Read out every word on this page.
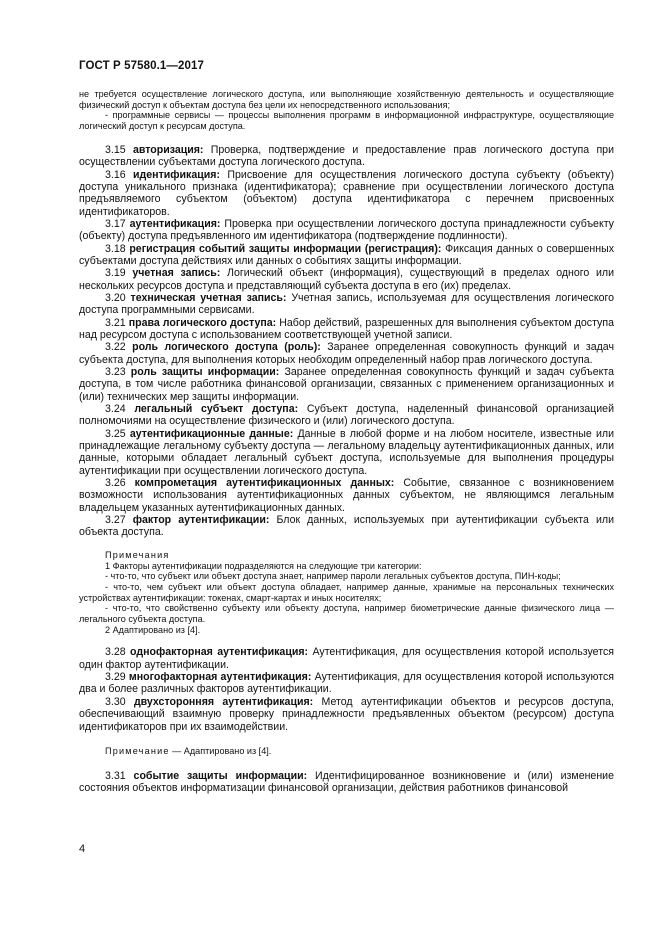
ГОСТ Р 57580.1—2017

не требуется осуществление логического доступа, или выполняющие хозяйственную деятельность и осуществляющие физический доступ к объектам доступа без цели их непосредственного использования;

- программные сервисы — процессы выполнения программ в информационной инфраструктуре, осуществляющие логический доступ к ресурсам доступа.

3.15 авторизация: Проверка, подтверждение и предоставление прав логического доступа при осуществлении субъектами доступа логического доступа.

3.16 идентификация: Присвоение для осуществления логического доступа субъекту (объекту) доступа уникального признака (идентификатора); сравнение при осуществлении логического доступа предъявляемого субъектом (объектом) доступа идентификатора с перечнем присвоенных идентификаторов.

3.17 аутентификация: Проверка при осуществлении логического доступа принадлежности субъекту (объекту) доступа предъявленного им идентификатора (подтверждение подлинности).

3.18 регистрация событий защиты информации (регистрация): Фиксация данных о совершенных субъектами доступа действиях или данных о событиях защиты информации.

3.19 учетная запись: Логический объект (информация), существующий в пределах одного или нескольких ресурсов доступа и представляющий субъекта доступа в его (их) пределах.

3.20 техническая учетная запись: Учетная запись, используемая для осуществления логического доступа программными сервисами.

3.21 права логического доступа: Набор действий, разрешенных для выполнения субъектом доступа над ресурсом доступа с использованием соответствующей учетной записи.

3.22 роль логического доступа (роль): Заранее определенная совокупность функций и задач субъекта доступа, для выполнения которых необходим определенный набор прав логического доступа.

3.23 роль защиты информации: Заранее определенная совокупность функций и задач субъекта доступа, в том числе работника финансовой организации, связанных с применением организационных и (или) технических мер защиты информации.

3.24 легальный субъект доступа: Субъект доступа, наделенный финансовой организацией полномочиями на осуществление физического и (или) логического доступа.

3.25 аутентификационные данные: Данные в любой форме и на любом носителе, известные или принадлежащие легальному субъекту доступа — легальному владельцу аутентификационных данных, или данные, которыми обладает легальный субъект доступа, используемые для выполнения процедуры аутентификации при осуществлении логического доступа.

3.26 компрометация аутентификационных данных: Событие, связанное с возникновением возможности использования аутентификационных данных субъектом, не являющимся легальным владельцем указанных аутентификационных данных.

3.27 фактор аутентификации: Блок данных, используемых при аутентификации субъекта или объекта доступа.

Примечания

1 Факторы аутентификации подразделяются на следующие три категории:

- что-то, что субъект или объект доступа знает, например пароли легальных субъектов доступа, ПИН-коды;

- что-то, чем субъект или объект доступа обладает, например данные, хранимые на персональных технических устройствах аутентификации: токенах, смарт-картах и иных носителях;

- что-то, что свойственно субъекту или объекту доступа, например биометрические данные физического лица — легального субъекта доступа.

2 Адаптировано из [4].

3.28 однофакторная аутентификация: Аутентификация, для осуществления которой используется один фактор аутентификации.

3.29 многофакторная аутентификация: Аутентификация, для осуществления которой используются два и более различных факторов аутентификации.

3.30 двухсторонняя аутентификация: Метод аутентификации объектов и ресурсов доступа, обеспечивающий взаимную проверку принадлежности предъявленных объектом (ресурсом) доступа идентификаторов при их взаимодействии.

Примечание — Адаптировано из [4].

3.31 событие защиты информации: Идентифицированное возникновение и (или) изменение состояния объектов информатизации финансовой организации, действия работников финансовой

4
